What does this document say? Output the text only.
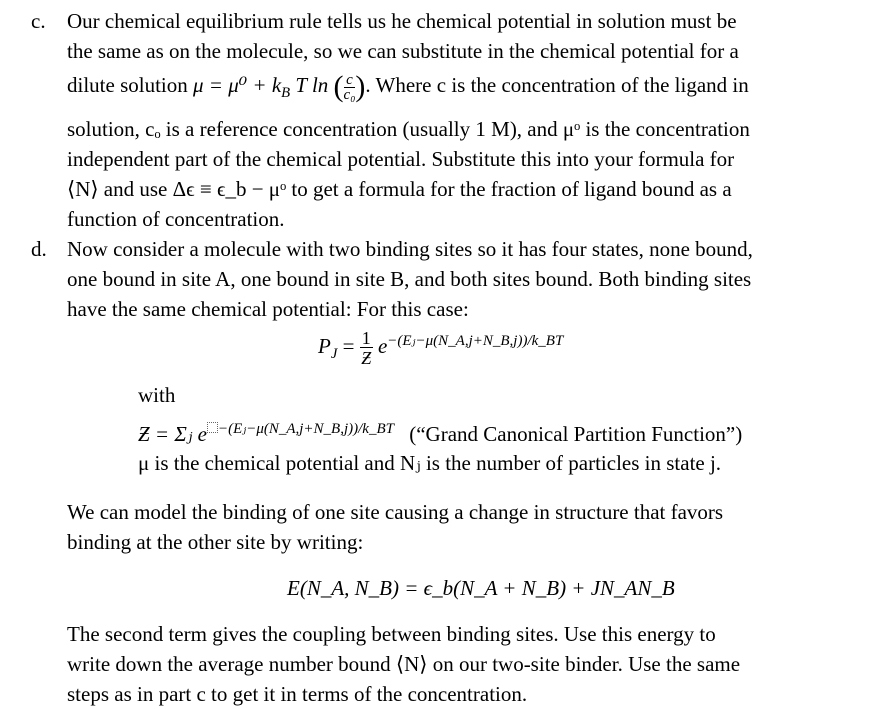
c. Our chemical equilibrium rule tells us he chemical potential in solution must be
the same as on the molecule, so we can substitute in the chemical potential for a
dilute solution $\mu = \mu^0 + k_B$ T ln ( $\frac{c}{\text{c₀}}$ ). Where c is the concentration of the ligand in
solution, cₒ is a reference concentration (usually 1 M), and μᵒ is the concentration
independent part of the chemical potential. Substitute this into your formula for
⟨N⟩ and use Δϵ ≡ ϵ_b − μᵒ to get a formula for the fraction of ligand bound as a
function of concentration.
d. Now consider a molecule with two binding sites so it has four states, none bound,
one bound in site A, one bound in site B, and both sites bound. Both binding sites
have the same chemical potential: For this case:
$P_J = \frac{1}{Ƶ} e^{-(Eⱼ-\mu(N\_A,j+N\_B,j))/k\_BT}$
with
Ƶ = Σⱼ e $^{-(Eⱼ-\mu(N\_A,j+N\_B,j))/k\_BT}$ (“Grand Canonical Partition Function”)
μ is the chemical potential and Nⱼ is the number of particles in state j.
We can model the binding of one site causing a change in structure that favors
binding at the other site by writing:
E(N_A, N_B) = ϵ_b(N_A + N_B) + JN_AN_B
The second term gives the coupling between binding sites. Use this energy to
write down the average number bound ⟨N⟩ on our two-site binder. Use the same
steps as in part c to get it in terms of the concentration.
